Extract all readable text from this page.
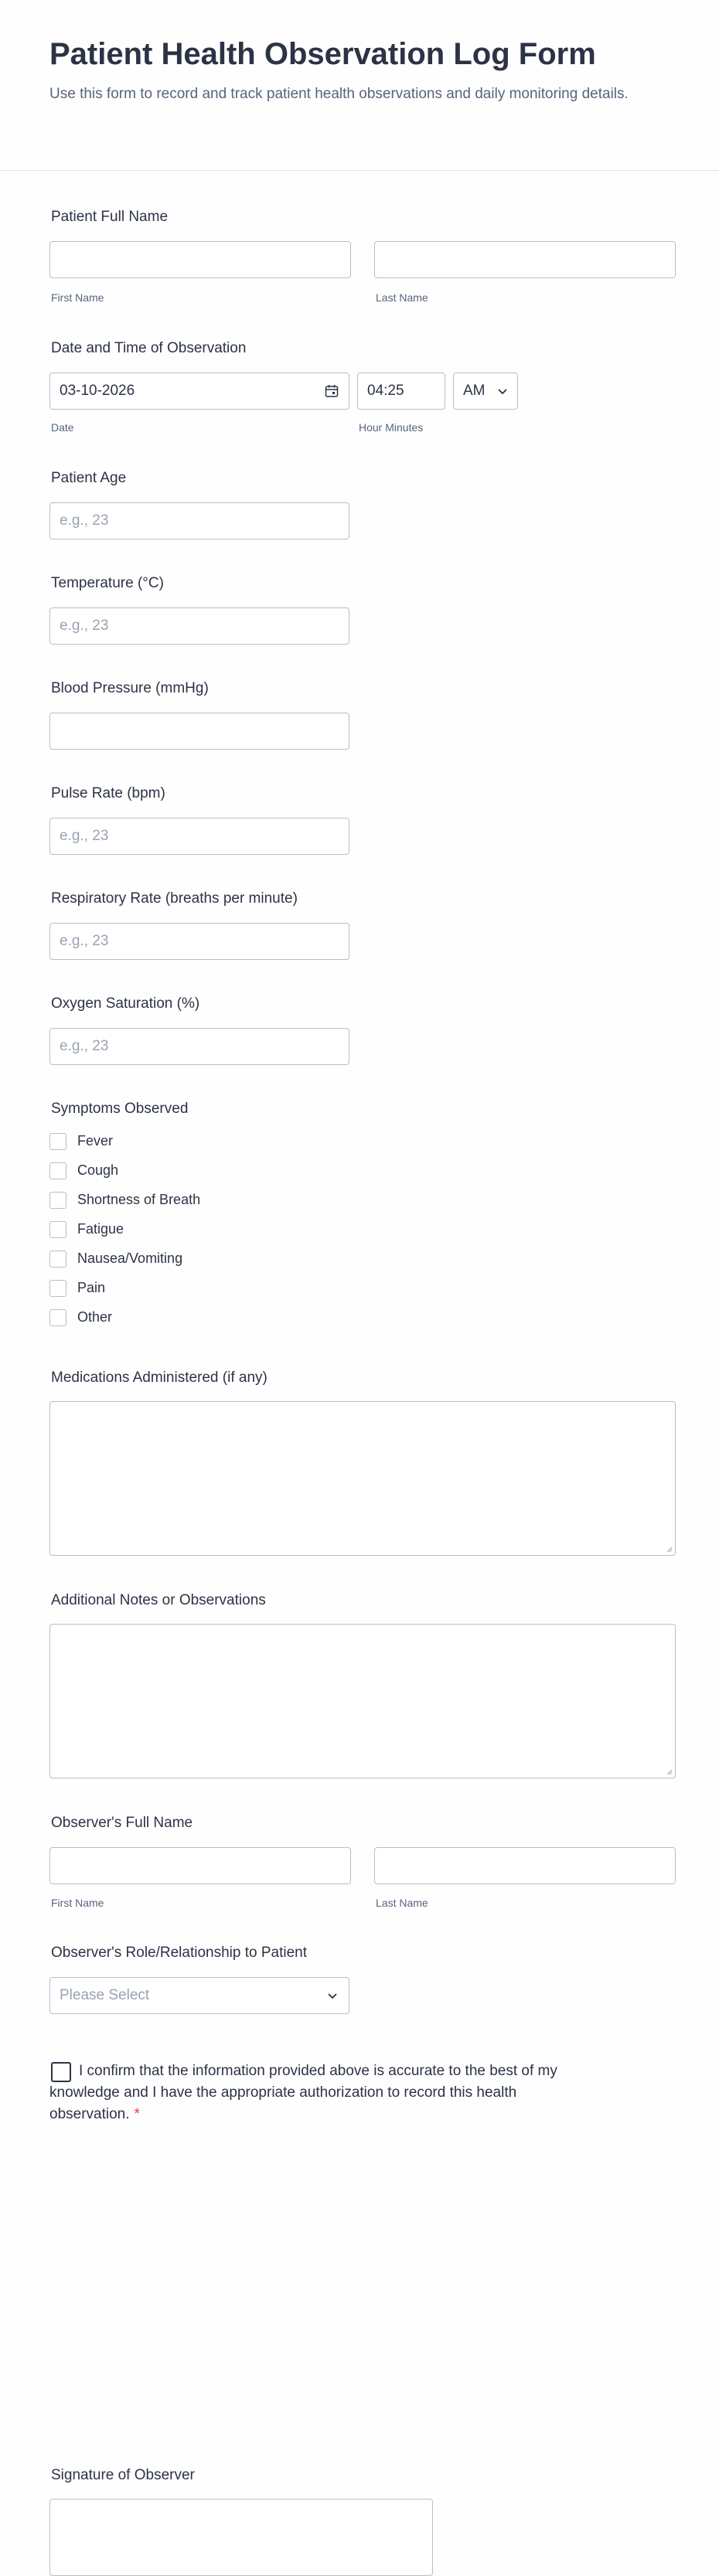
Patient Health Observation Log Form
Use this form to record and track patient health observations and daily monitoring details.
Patient Full Name
First Name	Last Name
Date and Time of Observation
03-10-2026	04:25	AM
Date	Hour Minutes
Patient Age
e.g., 23
Temperature (°C)
e.g., 23
Blood Pressure (mmHg)
Pulse Rate (bpm)
e.g., 23
Respiratory Rate (breaths per minute)
e.g., 23
Oxygen Saturation (%)
e.g., 23
Symptoms Observed
Fever
Cough
Shortness of Breath
Fatigue
Nausea/Vomiting
Pain
Other
Medications Administered (if any)
Additional Notes or Observations
Observer's Full Name
First Name	Last Name
Observer's Role/Relationship to Patient
Please Select
I confirm that the information provided above is accurate to the best of my knowledge and I have the appropriate authorization to record this health observation. *
Signature of Observer
